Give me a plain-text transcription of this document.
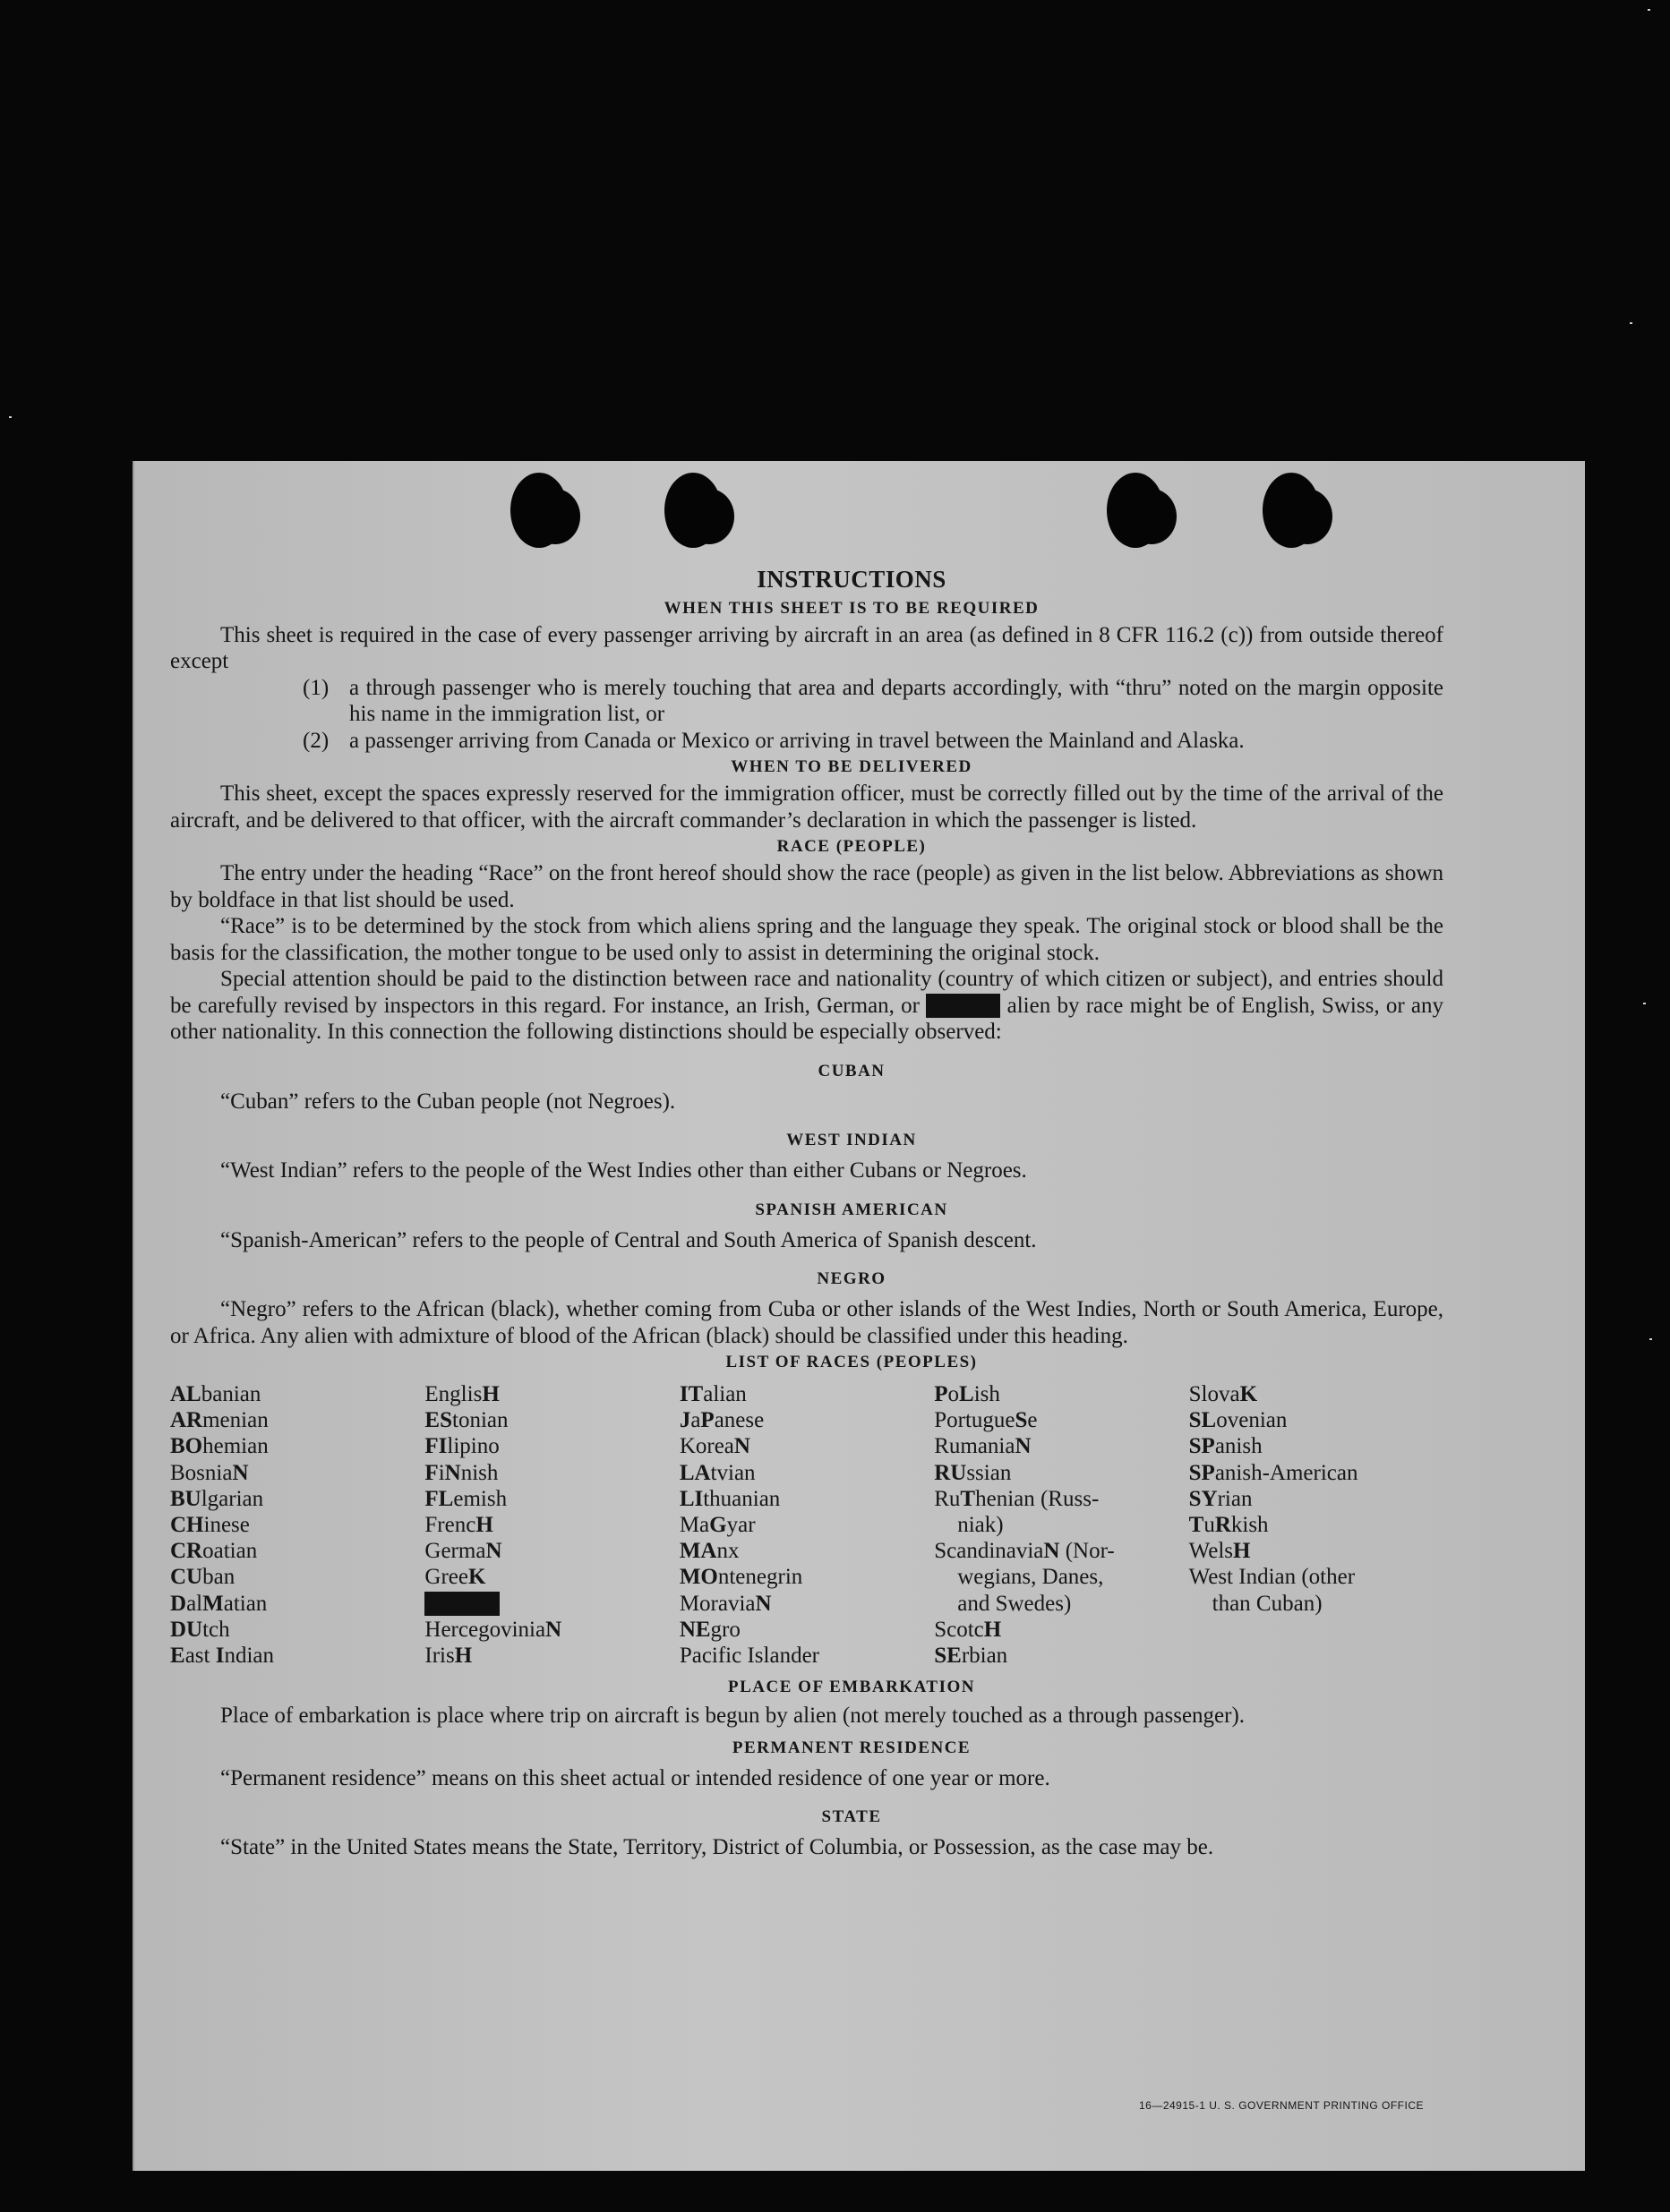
INSTRUCTIONS
WHEN THIS SHEET IS TO BE REQUIRED

This sheet is required in the case of every passenger arriving by aircraft in an area (as defined in 8 CFR 116.2 (c)) from outside thereof except

(1) a through passenger who is merely touching that area and departs accordingly, with “thru” noted on the margin opposite his name in the immigration list, or
(2) a passenger arriving from Canada or Mexico or arriving in travel between the Mainland and Alaska.
WHEN TO BE DELIVERED

This sheet, except the spaces expressly reserved for the immigration officer, must be correctly filled out by the time of the arrival of the aircraft, and be delivered to that officer, with the aircraft commander’s declaration in which the passenger is listed.

RACE (PEOPLE)

The entry under the heading “Race” on the front hereof should show the race (people) as given in the list below. Abbreviations as shown by boldface in that list should be used.

“Race” is to be determined by the stock from which aliens spring and the language they speak. The original stock or blood shall be the basis for the classification, the mother tongue to be used only to assist in determining the original stock.

Special attention should be paid to the distinction between race and nationality (country of which citizen or subject), and entries should be carefully revised by inspectors in this regard. For instance, an Irish, German, or Hebrew alien by race might be of English, Swiss, or any other nationality. In this connection the following distinctions should be especially observed:

CUBAN

“Cuban” refers to the Cuban people (not Negroes).

WEST INDIAN

“West Indian” refers to the people of the West Indies other than either Cubans or Negroes.

SPANISH AMERICAN

“Spanish-American” refers to the people of Central and South America of Spanish descent.

NEGRO

“Negro” refers to the African (black), whether coming from Cuba or other islands of the West Indies, North or South America, Europe, or Africa. Any alien with admixture of blood of the African (black) should be classified under this heading.

LIST OF RACES (PEOPLES)
ALbanian
ARmenian
BOhemian
BosniaN
BUlgarian
CHinese
CRoatian
CUban
DalMatian
DUtch
East Indian
EnglisH
EStonian
FIlipino
FiNnish
FLemish
FrencH
GermaN
GreeK
Hebrew
HercegoviniaN
IrisH
ITalian
JaPanese
KoreaN
LAtvian
LIthuanian
MaGyar
MAnx
MOntenegrin
MoraviaN
NEgro
Pacific Islander
PoLish
PortugueSe
RumaniaN
RUssian
RuThenian (Russ-
niak)
ScandinaviaN (Nor-
wegians, Danes,
and Swedes)
ScotcH
SErbian
SlovaK
SLovenian
SPanish
SPanish-American
SYrian
TuRkish
WelsH
West Indian (other
than Cuban)
PLACE OF EMBARKATION

Place of embarkation is place where trip on aircraft is begun by alien (not merely touched as a through passenger).

PERMANENT RESIDENCE

“Permanent residence” means on this sheet actual or intended residence of one year or more.

STATE

“State” in the United States means the State, Territory, District of Columbia, or Possession, as the case may be.

16—24915-1 U. S. GOVERNMENT PRINTING OFFICE
